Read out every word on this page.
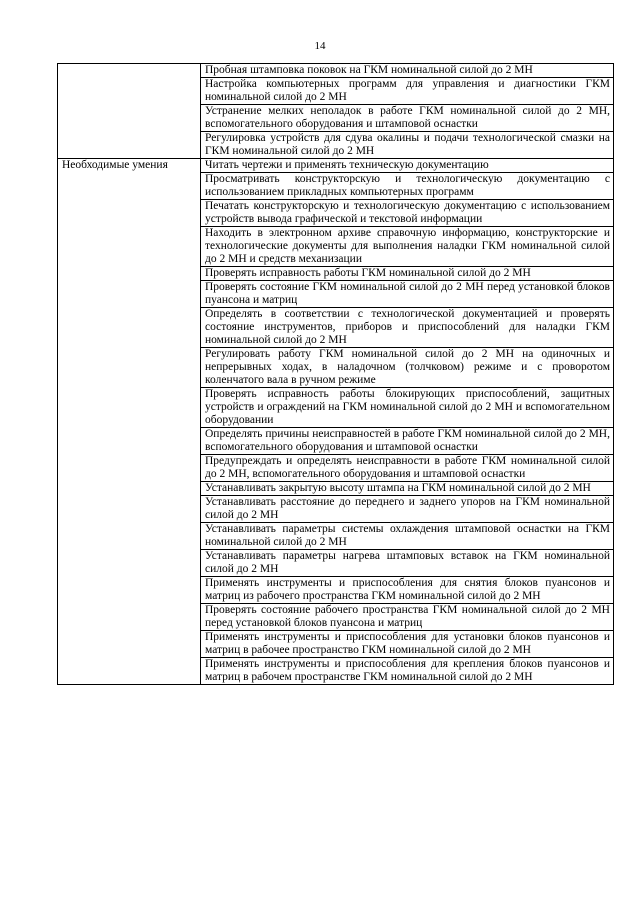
14
	Пробная штамповка поковок на ГКМ номинальной силой до 2 МН
	Настройка компьютерных программ для управления и диагностики ГКМ номинальной силой до 2 МН
	Устранение мелких неполадок в работе ГКМ номинальной силой до 2 МН, вспомогательного оборудования и штамповой оснастки
	Регулировка устройств для сдува окалины и подачи технологической смазки на ГКМ номинальной силой до 2 МН
Необходимые умения	Читать чертежи и применять техническую документацию
	Просматривать конструкторскую и технологическую документацию с использованием прикладных компьютерных программ
	Печатать конструкторскую и технологическую документацию с использованием устройств вывода графической и текстовой информации
	Находить в электронном архиве справочную информацию, конструкторские и технологические документы для выполнения наладки ГКМ номинальной силой до 2 МН и средств механизации
	Проверять исправность работы ГКМ номинальной силой до 2 МН
	Проверять состояние ГКМ номинальной силой до 2 МН перед установкой блоков пуансона и матриц
	Определять в соответствии с технологической документацией и проверять состояние инструментов, приборов и приспособлений для наладки ГКМ номинальной силой до 2 МН
	Регулировать работу ГКМ номинальной силой до 2 МН на одиночных и непрерывных ходах, в наладочном (толчковом) режиме и с проворотом коленчатого вала в ручном режиме
	Проверять исправность работы блокирующих приспособлений, защитных устройств и ограждений на ГКМ номинальной силой до 2 МН и вспомогательном оборудовании
	Определять причины неисправностей в работе ГКМ номинальной силой до 2 МН, вспомогательного оборудования и штамповой оснастки
	Предупреждать и определять неисправности в работе ГКМ номинальной силой до 2 МН, вспомогательного оборудования и штамповой оснастки
	Устанавливать закрытую высоту штампа на ГКМ номинальной силой до 2 МН
	Устанавливать расстояние до переднего и заднего упоров на ГКМ номинальной силой до 2 МН
	Устанавливать параметры системы охлаждения штамповой оснастки на ГКМ номинальной силой до 2 МН
	Устанавливать параметры нагрева штамповых вставок на ГКМ номинальной силой до 2 МН
	Применять инструменты и приспособления для снятия блоков пуансонов и матриц из рабочего пространства ГКМ номинальной силой до 2 МН
	Проверять состояние рабочего пространства ГКМ номинальной силой до 2 МН перед установкой блоков пуансона и матриц
	Применять инструменты и приспособления для установки блоков пуансонов и матриц в рабочее пространство ГКМ номинальной силой до 2 МН
	Применять инструменты и приспособления для крепления блоков пуансонов и матриц в рабочем пространстве ГКМ номинальной силой до 2 МН
